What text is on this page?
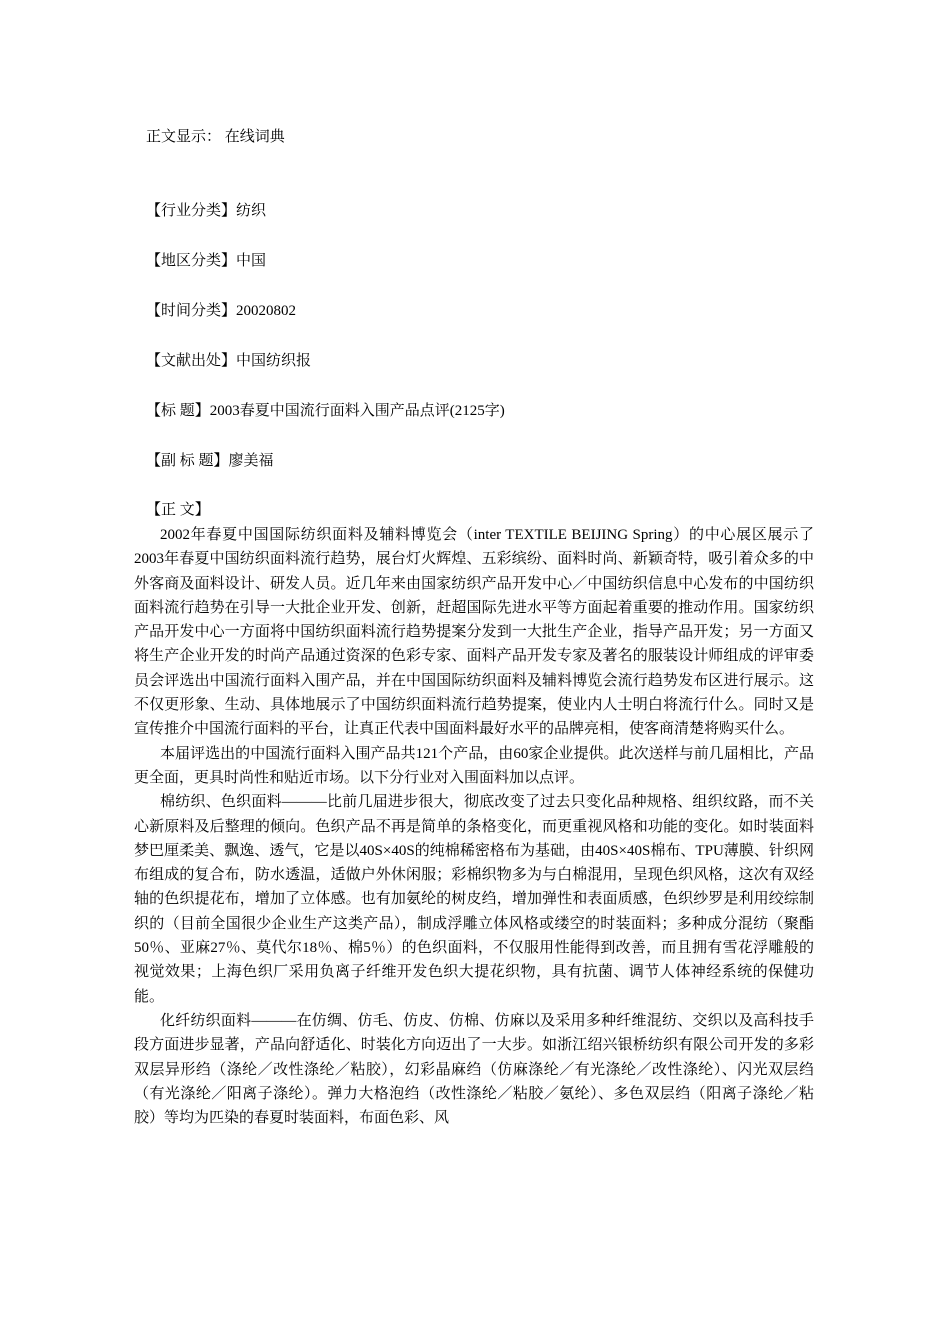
正文显示： 在线词典
【行业分类】纺织
【地区分类】中国
【时间分类】20020802
【文献出处】中国纺织报
【标 题】2003春夏中国流行面料入围产品点评(2125字)
【副 标 题】廖美福
【正 文】

2002年春夏中国国际纺织面料及辅料博览会（inter TEXTILE BEIJING Spring）的中心展区展示了2003年春夏中国纺织面料流行趋势，展台灯火辉煌、五彩缤纷、面料时尚、新颖奇特，吸引着众多的中外客商及面料设计、研发人员。近几年来由国家纺织产品开发中心／中国纺织信息中心发布的中国纺织面料流行趋势在引导一大批企业开发、创新，赶超国际先进水平等方面起着重要的推动作用。国家纺织产品开发中心一方面将中国纺织面料流行趋势提案分发到一大批生产企业，指导产品开发；另一方面又将生产企业开发的时尚产品通过资深的色彩专家、面料产品开发专家及著名的服装设计师组成的评审委员会评选出中国流行面料入围产品，并在中国国际纺织面料及辅料博览会流行趋势发布区进行展示。这不仅更形象、生动、具体地展示了中国纺织面料流行趋势提案，使业内人士明白将流行什么。同时又是宣传推介中国流行面料的平台，让真正代表中国面料最好水平的品牌亮相，使客商清楚将购买什么。

本届评选出的中国流行面料入围产品共121个产品，由60家企业提供。此次送样与前几届相比，产品更全面，更具时尚性和贴近市场。以下分行业对入围面料加以点评。

棉纺织、色织面料———比前几届进步很大，彻底改变了过去只变化品种规格、组织纹路，而不关心新原料及后整理的倾向。色织产品不再是简单的条格变化，而更重视风格和功能的变化。如时装面料梦巴厘柔美、飘逸、透气，它是以40S×40S的纯棉稀密格布为基础，由40S×40S棉布、TPU薄膜、针织网布组成的复合布，防水透温，适做户外休闲服；彩棉织物多为与白棉混用，呈现色织风格，这次有双经轴的色织提花布，增加了立体感。也有加氨纶的树皮绉，增加弹性和表面质感，色织纱罗是利用绞综制织的（目前全国很少企业生产这类产品），制成浮雕立体风格或缕空的时装面料；多种成分混纺（聚酯 50％、亚麻27％、莫代尔18％、棉5％）的色织面料，不仅服用性能得到改善，而且拥有雪花浮雕般的视觉效果；上海色织厂采用负离子纤维开发色织大提花织物，具有抗菌、调节人体神经系统的保健功能。

化纤纺织面料———在仿绸、仿毛、仿皮、仿棉、仿麻以及采用多种纤维混纺、交织以及高科技手段方面进步显著，产品向舒适化、时装化方向迈出了一大步。如浙江绍兴银桥纺织有限公司开发的多彩双层异形绉（涤纶／改性涤纶／粘胶），幻彩晶麻绉（仿麻涤纶／有光涤纶／改性涤纶）、闪光双层绉（有光涤纶／阳离子涤纶）。弹力大格泡绉（改性涤纶／粘胶／氨纶）、多色双层绉（阳离子涤纶／粘胶）等均为匹染的春夏时装面料，布面色彩、风
